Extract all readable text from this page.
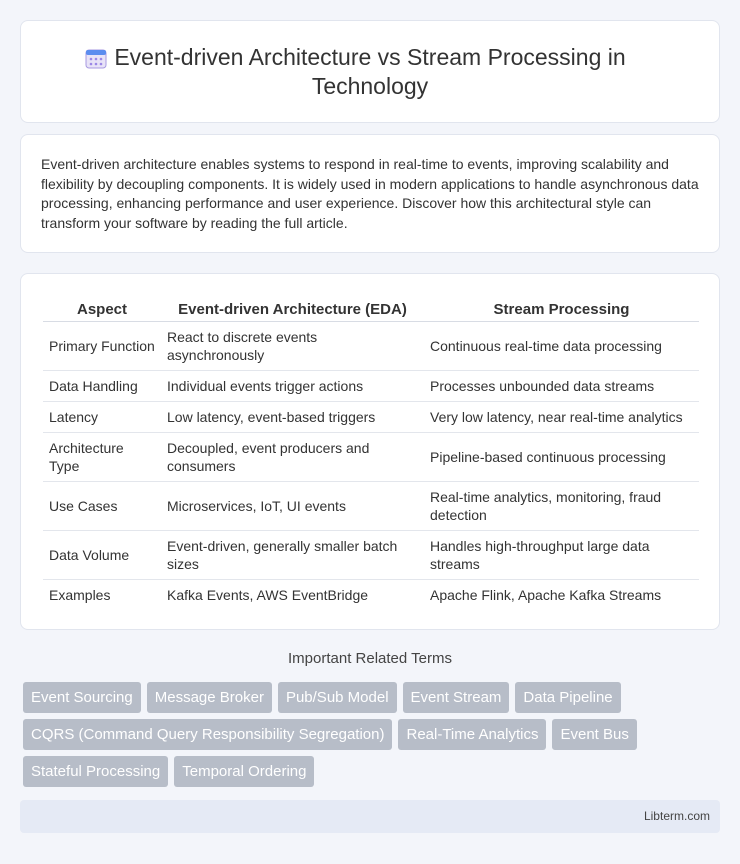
Event-driven Architecture vs Stream Processing in
Technology

Event-driven architecture enables systems to respond in real-time to events, improving scalability and flexibility by decoupling components. It is widely used in modern applications to handle asynchronous data processing, enhancing performance and user experience. Discover how this architectural style can transform your software by reading the full article.

Aspect	Event-driven Architecture (EDA)	Stream Processing
Primary Function	React to discrete events asynchronously	Continuous real-time data processing
Data Handling	Individual events trigger actions	Processes unbounded data streams
Latency	Low latency, event-based triggers	Very low latency, near real-time analytics
Architecture Type	Decoupled, event producers and consumers	Pipeline-based continuous processing
Use Cases	Microservices, IoT, UI events	Real-time analytics, monitoring, fraud detection
Data Volume	Event-driven, generally smaller batch sizes	Handles high-throughput large data streams
Examples	Kafka Events, AWS EventBridge	Apache Flink, Apache Kafka Streams
Important Related Terms
Event Sourcing	Message Broker	Pub/Sub Model	Event Stream	Data Pipeline
CQRS (Command Query Responsibility Segregation)	Real-Time Analytics	Event Bus
Stateful Processing	Temporal Ordering
Libterm.com
